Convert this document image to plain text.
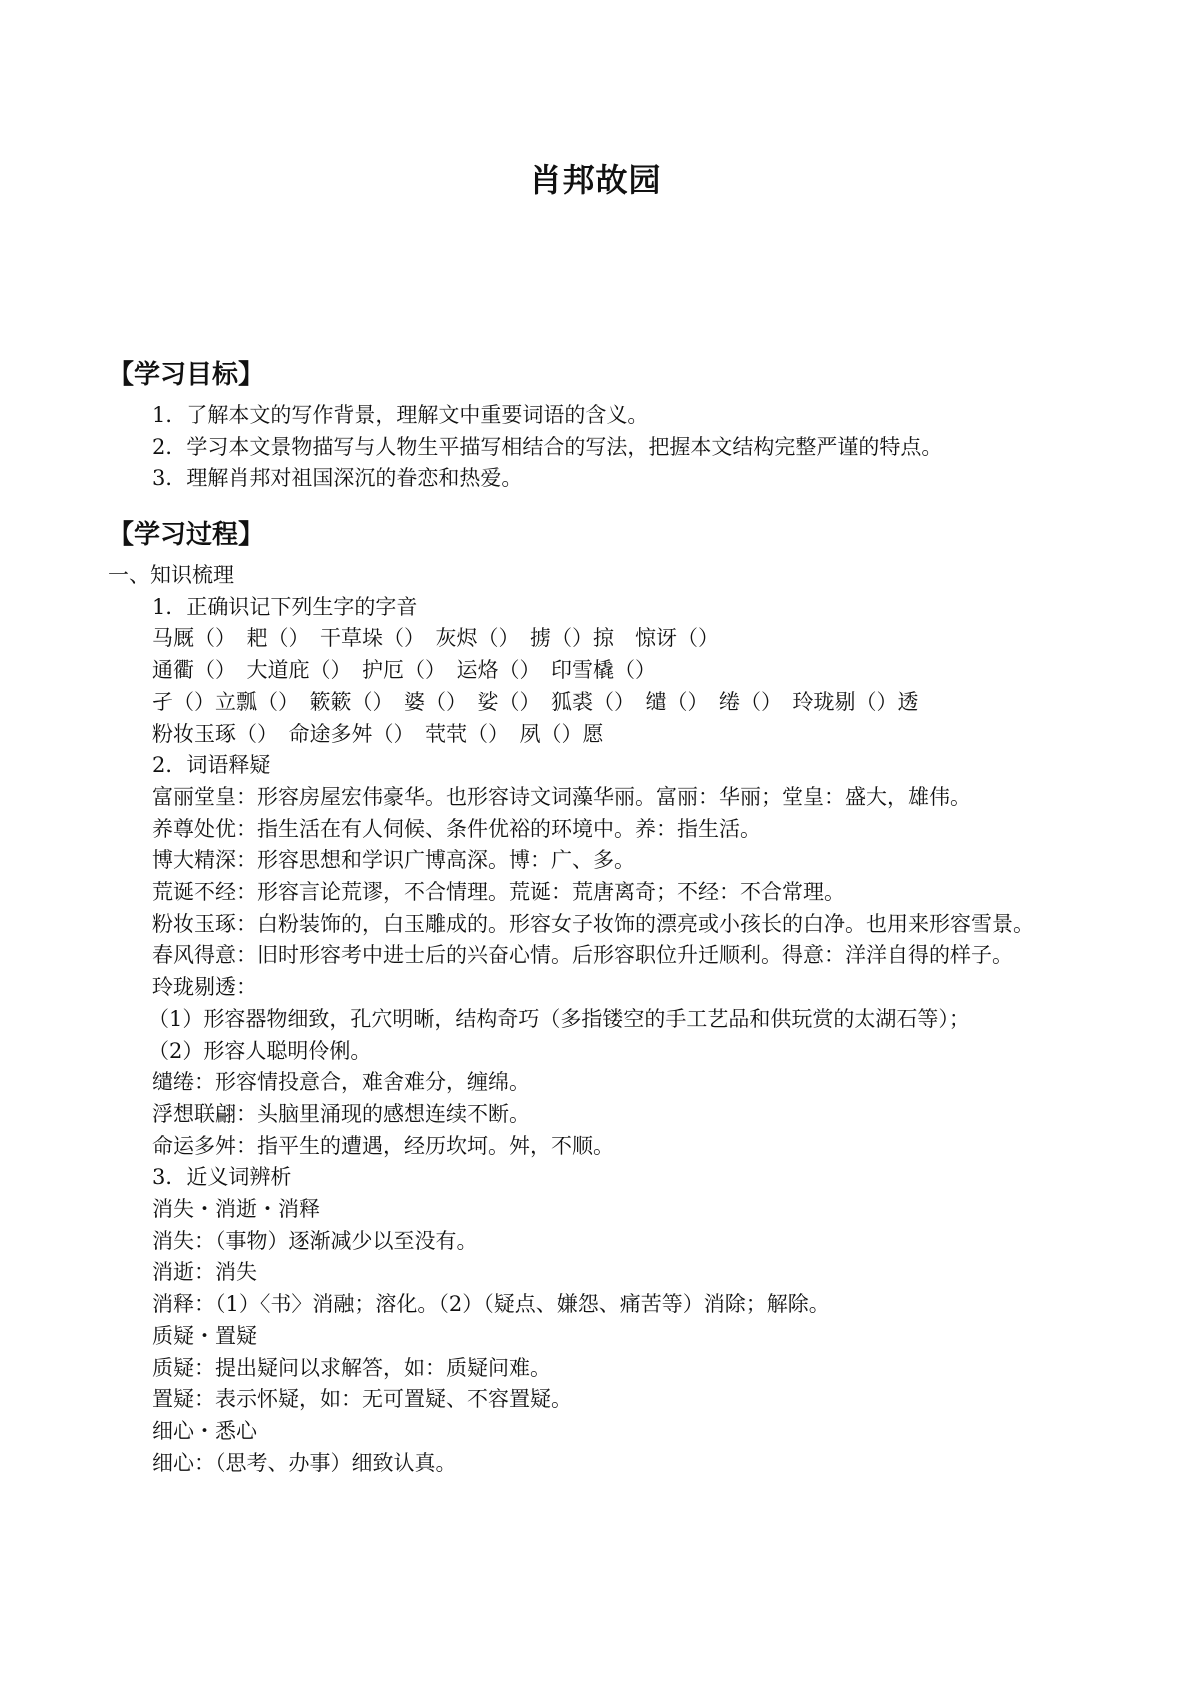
肖邦故园
【学习目标】
1．了解本文的写作背景，理解文中重要词语的含义。
2．学习本文景物描写与人物生平描写相结合的写法，把握本文结构完整严谨的特点。
3．理解肖邦对祖国深沉的眷恋和热爱。
【学习过程】
一、知识梳理
1．正确识记下列生字的字音
马厩（）　耙（）　干草垛（）　灰烬（）　掳（）掠　惊讶（）
通衢（）　大道庇（）　护厄（）　运烙（）　印雪橇（）
孑（）立瓢（）　簌簌（）　婆（）　娑（）　狐裘（）　缱（）　绻（）　玲珑剔（）透
粉妆玉琢（）　命途多舛（）　茕茕（）　夙（）愿
2．词语释疑
富丽堂皇：形容房屋宏伟豪华。也形容诗文词藻华丽。富丽：华丽；堂皇：盛大，雄伟。
养尊处优：指生活在有人伺候、条件优裕的环境中。养：指生活。
博大精深：形容思想和学识广博高深。博：广、多。
荒诞不经：形容言论荒谬，不合情理。荒诞：荒唐离奇；不经：不合常理。
粉妆玉琢：白粉装饰的，白玉雕成的。形容女子妆饰的漂亮或小孩长的白净。也用来形容雪景。
春风得意：旧时形容考中进士后的兴奋心情。后形容职位升迁顺利。得意：洋洋自得的样子。
玲珑剔透：
（1）形容器物细致，孔穴明晰，结构奇巧（多指镂空的手工艺品和供玩赏的太湖石等）；
（2）形容人聪明伶俐。
缱绻：形容情投意合，难舍难分，缠绵。
浮想联翩：头脑里涌现的感想连续不断。
命运多舛：指平生的遭遇，经历坎坷。舛，不顺。
3．近义词辨析
消失・消逝・消释
消失：（事物）逐渐减少以至没有。
消逝：消失
消释：（1）〈书〉消融；溶化。（2）（疑点、嫌怨、痛苦等）消除；解除。
质疑・置疑
质疑：提出疑问以求解答，如：质疑问难。
置疑：表示怀疑，如：无可置疑、不容置疑。
细心・悉心
细心：（思考、办事）细致认真。
